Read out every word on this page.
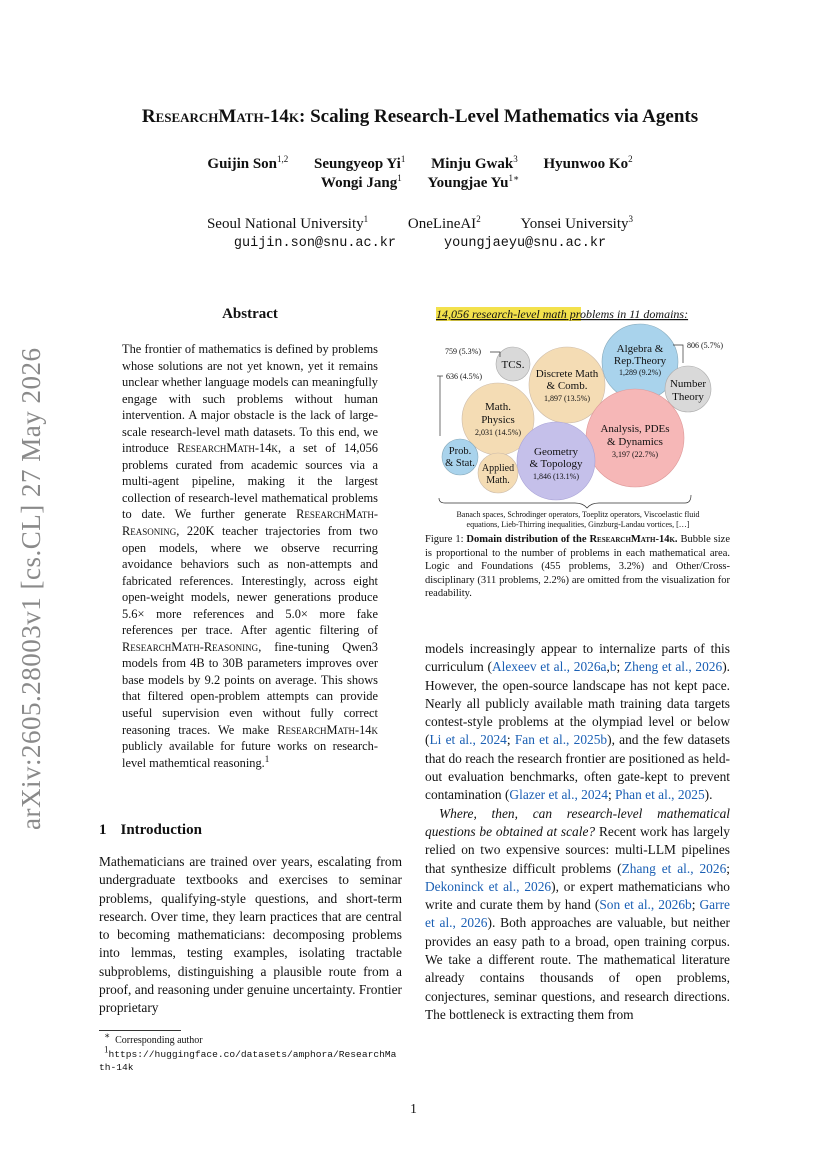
arXiv:2605.28003v1 [cs.CL] 27 May 2026
ResearchMath-14k: Scaling Research-Level Mathematics via Agents
Guijin Son$^{1,2}$ Seungyeop Yi$^1$ Minju Gwak$^3$ Hyunwoo Ko$^2$
Wongi Jang$^1$ Youngjae $Yu^{1∗}$
Seoul National University$^1$	OneLineAI$^2$	Yonsei University$^3$
guijin.son@snu.ac.kr	youngjaeyu@snu.ac.kr
Abstract
The frontier of mathematics is defined by problems whose solutions are not yet known, yet it remains unclear whether language models can meaningfully engage with such problems without human intervention. A major obstacle is the lack of large-scale research-level math datasets. To this end, we introduce ResearchMath-14k, a set of 14,056 problems curated from academic sources via a multi-agent pipeline, making it the largest collection of research-level mathematical problems to date. We further generate ResearchMath-Reasoning, 220K teacher trajectories from two open models, where we observe recurring avoidance behaviors such as non-attempts and fabricated references. Interestingly, across eight open-weight models, newer generations produce 5.6× more references and 5.0× more fake references per trace. After agentic filtering of ResearchMath-Reasoning, fine-tuning Qwen3 models from 4B to 30B parameters improves over base models by 9.2 points on average. This shows that filtered open-problem attempts can provide useful supervision even without fully correct reasoning traces. We make ResearchMath-14k publicly available for future works on research-level mathemtical reasoning.$^1$
1 Introduction
Mathematicians are trained over years, escalating from undergraduate textbooks and exercises to seminar problems, qualifying-style questions, and short-term research. Over time, they learn practices that are central to becoming mathematicians: decomposing problems into lemmas, testing examples, isolating tractable subproblems, distinguishing a plausible route from a proof, and reasoning under genuine uncertainty. Frontier proprietary
∗ Corresponding author
$^1$https://huggingface.co/datasets/amphora/ResearchMath-14k
14,056 research-level math problems in 11 domains:
Algebra &
Rep.Theory
1,289 (9.2%)
Discrete Math
& Comb.
1,897 (13.5%)
TCS.
Number
Theory
Math.
Physics
2,031 (14.5%)	Analysis, PDEs
& Dynamics
3,197 (22.7%)
Geometry
& Topology
1,846 (13.1%)
Prob.
& Stat. Applied
Math.
759 (5.3%)
636 (4.5%)
806 (5.7%)
Banach spaces, Schrodinger operators, Toeplitz operators, Viscoelastic fluid
equations, Lieb-Thirring inequalities, Ginzburg-Landau vortices, […]
Figure 1: Domain distribution of the ResearchMath-14k. Bubble size is proportional to the number of problems in each mathematical area. Logic and Foundations (455 problems, 3.2%) and Other/Cross-disciplinary (311 problems, 2.2%) are omitted from the visualization for readability.

models increasingly appear to internalize parts of this curriculum (Alexeev et al., 2026a,b; Zheng et al., 2026). However, the open-source landscape has not kept pace. Nearly all publicly available math training data targets contest-style problems at the olympiad level or below (Li et al., 2024; Fan et al., 2025b), and the few datasets that do reach the research frontier are positioned as held-out evaluation benchmarks, often gate-kept to prevent contamination (Glazer et al., 2024; Phan et al., 2025).

Where, then, can research-level mathematical questions be obtained at scale? Recent work has largely relied on two expensive sources: multi-LLM pipelines that synthesize difficult problems (Zhang et al., 2026; Dekoninck et al., 2026), or expert mathematicians who write and curate them by hand (Son et al., 2026b; Garre et al., 2026). Both approaches are valuable, but neither provides an easy path to a broad, open training corpus. We take a different route. The mathematical literature already contains thousands of open problems, conjectures, seminar questions, and research directions. The bottleneck is extracting them from

1
